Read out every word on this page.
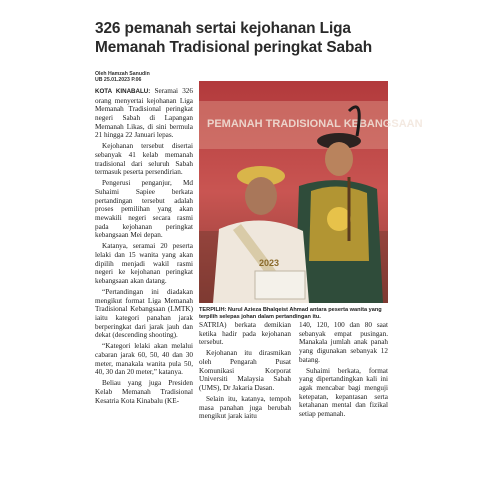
326 pemanah sertai kejohanan Liga Memanah Tradisional peringkat Sabah
Oleh Hamzah Sanudin
UB 25.01.2023 P.06

KOTA KINABALU: Seramai 326 orang menyertai kejohanan Liga Memanah Tradisional peringkat negeri Sabah di Lapangan Memanah Likas, di sini bermula 21 hingga 22 Januari lepas.

Kejohanan tersebut disertai sebanyak 41 kelab memanah tradisional dari seluruh Sabah termasuk peserta persendirian.

Pengerusi penganjur, Md Suhaimi Sapiee berkata pertandingan tersebut adalah proses pemilihan yang akan mewakili negeri secara rasmi pada kejohanan peringkat kebangsaan Mei depan.

Katanya, seramai 20 peserta lelaki dan 15 wanita yang akan dipilih menjadi wakil rasmi negeri ke kejohanan peringkat kebangsaan akan datang.

“Pertandingan ini diadakan mengikut format Liga Memanah Tradisional Kebangsaan (LMTK) iaitu kategori panahan jarak berperingkat dari jarak jauh dan dekat (descending shooting).

“Kategori lelaki akan melalui cabaran jarak 60, 50, 40 dan 30 meter, manakala wanita pula 50, 40, 30 dan 20 meter,” katanya.

Beliau yang juga Presiden Kelab Memanah Tradisional Kesatria Kota Kinabalu (KE-

PEMANAH TRADISIONAL KEBANGSAAN
2023
TERPILIH: Nurul Azieza Bhalqeist Ahmad antara peserta wanita yang terpilih selepas johan dalam pertandingan itu.

SATRIA) berkata demikian ketika hadir pada kejohanan tersebut.

Kejohanan itu dirasmikan oleh Pengarah Pusat Komunikasi Korporat Universiti Malaysia Sabah (UMS), Dr Jakaria Dasan.

Selain itu, katanya, tempoh masa panahan juga berubah mengikut jarak iaitu

140, 120, 100 dan 80 saat sebanyak empat pusingan. Manakala jumlah anak panah yang digunakan sebanyak 12 batang.

Suhaimi berkata, format yang dipertandingkan kali ini agak mencabar bagi menguji ketepatan, kepantasan serta ketahanan mental dan fizikal setiap pemanah.
